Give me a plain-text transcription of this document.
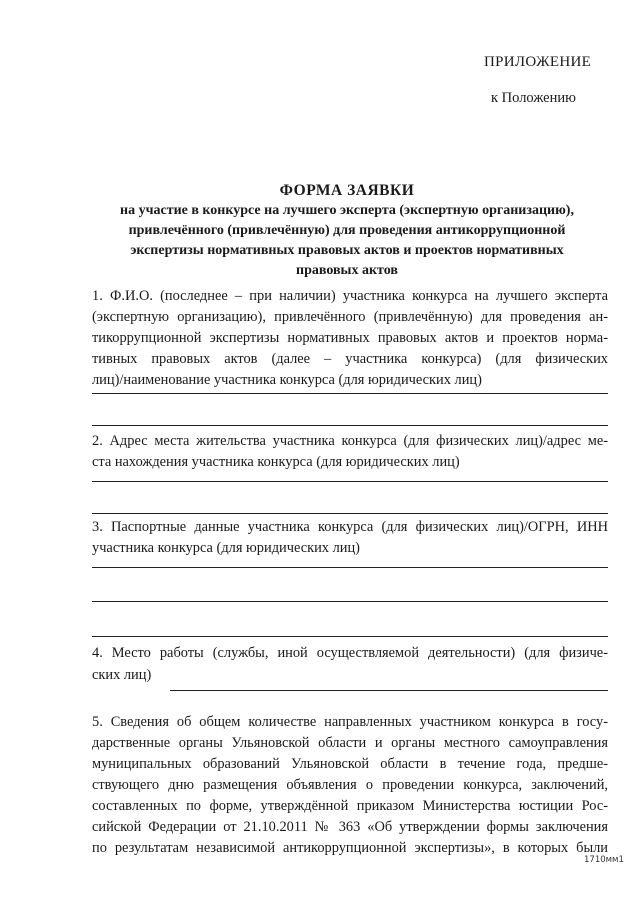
ПРИЛОЖЕНИЕ
к Положению
ФОРМА ЗАЯВКИ
на участие в конкурсе на лучшего эксперта (экспертную организацию),
привлечённого (привлечённую) для проведения антикоррупционной
экспертизы нормативных правовых актов и проектов нормативных
правовых актов
1. Ф.И.О. (последнее – при наличии) участника конкурса на лучшего эксперта
(экспертную организацию), привлечённого (привлечённую) для проведения ан-
тикоррупционной экспертизы нормативных правовых актов и проектов норма-
тивных правовых актов (далее – участника конкурса) (для физических
лиц)/наименование участника конкурса (для юридических лиц)
2. Адрес места жительства участника конкурса (для физических лиц)/адрес ме-
ста нахождения участника конкурса (для юридических лиц)
3. Паспортные данные участника конкурса (для физических лиц)/ОГРН, ИНН
участника конкурса (для юридических лиц)
4. Место работы (службы, иной осуществляемой деятельности) (для физиче-
ских лиц)
5. Сведения об общем количестве направленных участником конкурса в госу-
дарственные органы Ульяновской области и органы местного самоуправления
муниципальных образований Ульяновской области в течение года, предше-
ствующего дню размещения объявления о проведении конкурса, заключений,
составленных по форме, утверждённой приказом Министерства юстиции Рос-
сийской Федерации от 21.10.2011 № 363 «Об утверждении формы заключения
по результатам независимой антикоррупционной экспертизы», в которых были
1710мм1
